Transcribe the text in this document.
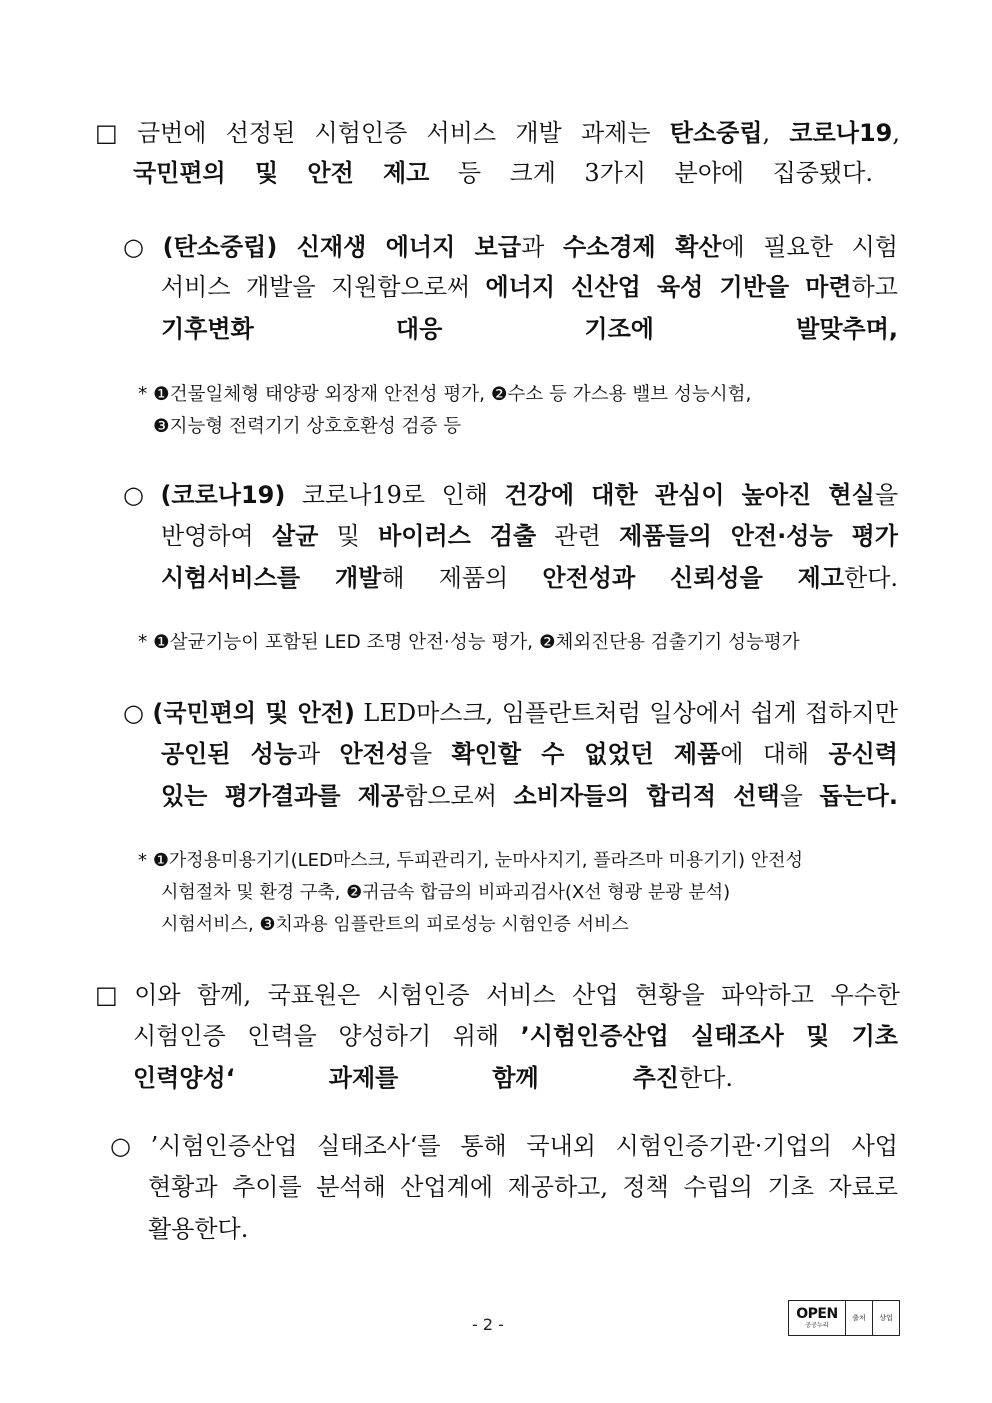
□ 금번에 선정된 시험인증 서비스 개발 과제는 탄소중립, 코로나19,
국민편의 및 안전 제고 등 크게 3가지 분야에 집중됐다.
○ (탄소중립) 신재생 에너지 보급과 수소경제 확산에 필요한 시험
서비스 개발을 지원함으로써 에너지 신산업 육성 기반을 마련하고
기후변화 대응 기조에 발맞추며,
* ❶건물일체형 태양광 외장재 안전성 평가, ❷수소 등 가스용 밸브 성능시험,
❸지능형 전력기기 상호호환성 검증 등
○ (코로나19) 코로나19로 인해 건강에 대한 관심이 높아진 현실을
반영하여 살균 및 바이러스 검출 관련 제품들의 안전·성능 평가
시험서비스를 개발해 제품의 안전성과 신뢰성을 제고한다.
* ❶살균기능이 포함된 LED 조명 안전·성능 평가, ❷체외진단용 검출기기 성능평가
○ (국민편의 및 안전) LED마스크, 임플란트처럼 일상에서 쉽게 접하지만
공인된 성능과 안전성을 확인할 수 없었던 제품에 대해 공신력
있는 평가결과를 제공함으로써 소비자들의 합리적 선택을 돕는다.
* ❶가정용미용기기(LED마스크, 두피관리기, 눈마사지기, 플라즈마 미용기기) 안전성
시험절차 및 환경 구축, ❷귀금속 합금의 비파괴검사(X선 형광 분광 분석)
시험서비스, ❸치과용 임플란트의 피로성능 시험인증 서비스
□ 이와 함께, 국표원은 시험인증 서비스 산업 현황을 파악하고 우수한
시험인증 인력을 양성하기 위해 ’시험인증산업 실태조사 및 기초
인력양성‘ 과제를 함께 추진한다.
○ ’시험인증산업 실태조사‘를 통해 국내외 시험인증기관·기업의 사업
현황과 추이를 분석해 산업계에 제공하고, 정책 수립의 기초 자료로
활용한다.
- 2 -
OPEN
공공누리
출처 상업
